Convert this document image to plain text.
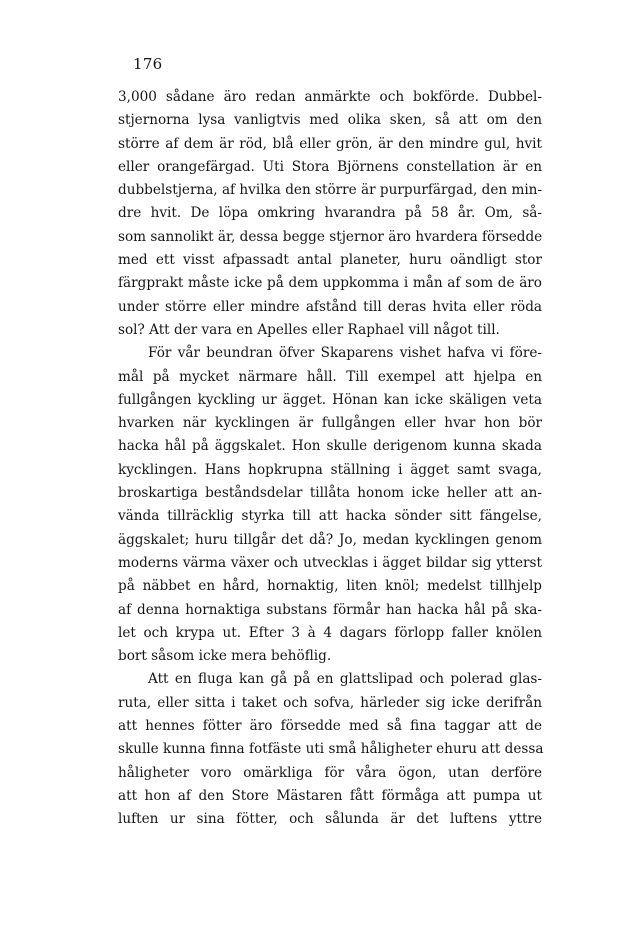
176
3,000 sådane äro redan anmärkte och bokförde. Dubbel-
stjernorna lysa vanligtvis med olika sken, så att om den
större af dem är röd, blå eller grön, är den mindre gul, hvit
eller orangefärgad. Uti Stora Björnens constellation är en
dubbelstjerna, af hvilka den större är purpurfärgad, den min-
dre hvit. De löpa omkring hvarandra på 58 år. Om, så-
som sannolikt är, dessa begge stjernor äro hvardera försedde
med ett visst afpassadt antal planeter, huru oändligt stor
färgprakt måste icke på dem uppkomma i mån af som de äro
under större eller mindre afstånd till deras hvita eller röda
sol? Att der vara en Apelles eller Raphael vill något till.
För vår beundran öfver Skaparens vishet hafva vi före-
mål på mycket närmare håll. Till exempel att hjelpa en
fullgången kyckling ur ägget. Hönan kan icke skäligen veta
hvarken när kycklingen är fullgången eller hvar hon bör
hacka hål på äggskalet. Hon skulle derigenom kunna skada
kycklingen. Hans hopkrupna ställning i ägget samt svaga,
broskartiga beståndsdelar tillåta honom icke heller att an-
vända tillräcklig styrka till att hacka sönder sitt fängelse,
äggskalet; huru tillgår det då? Jo, medan kycklingen genom
moderns värma växer och utvecklas i ägget bildar sig ytterst
på näbbet en hård, hornaktig, liten knöl; medelst tillhjelp
af denna hornaktiga substans förmår han hacka hål på ska-
let och krypa ut. Efter 3 à 4 dagars förlopp faller knölen
bort såsom icke mera behöflig.
Att en fluga kan gå på en glattslipad och polerad glas-
ruta, eller sitta i taket och sofva, härleder sig icke derifrån
att hennes fötter äro försedde med så fina taggar att de
skulle kunna finna fotfäste uti små håligheter ehuru att dessa
håligheter voro omärkliga för våra ögon, utan derföre
att hon af den Store Mästaren fått förmåga att pumpa ut
luften ur sina fötter, och sålunda är det luftens yttre
